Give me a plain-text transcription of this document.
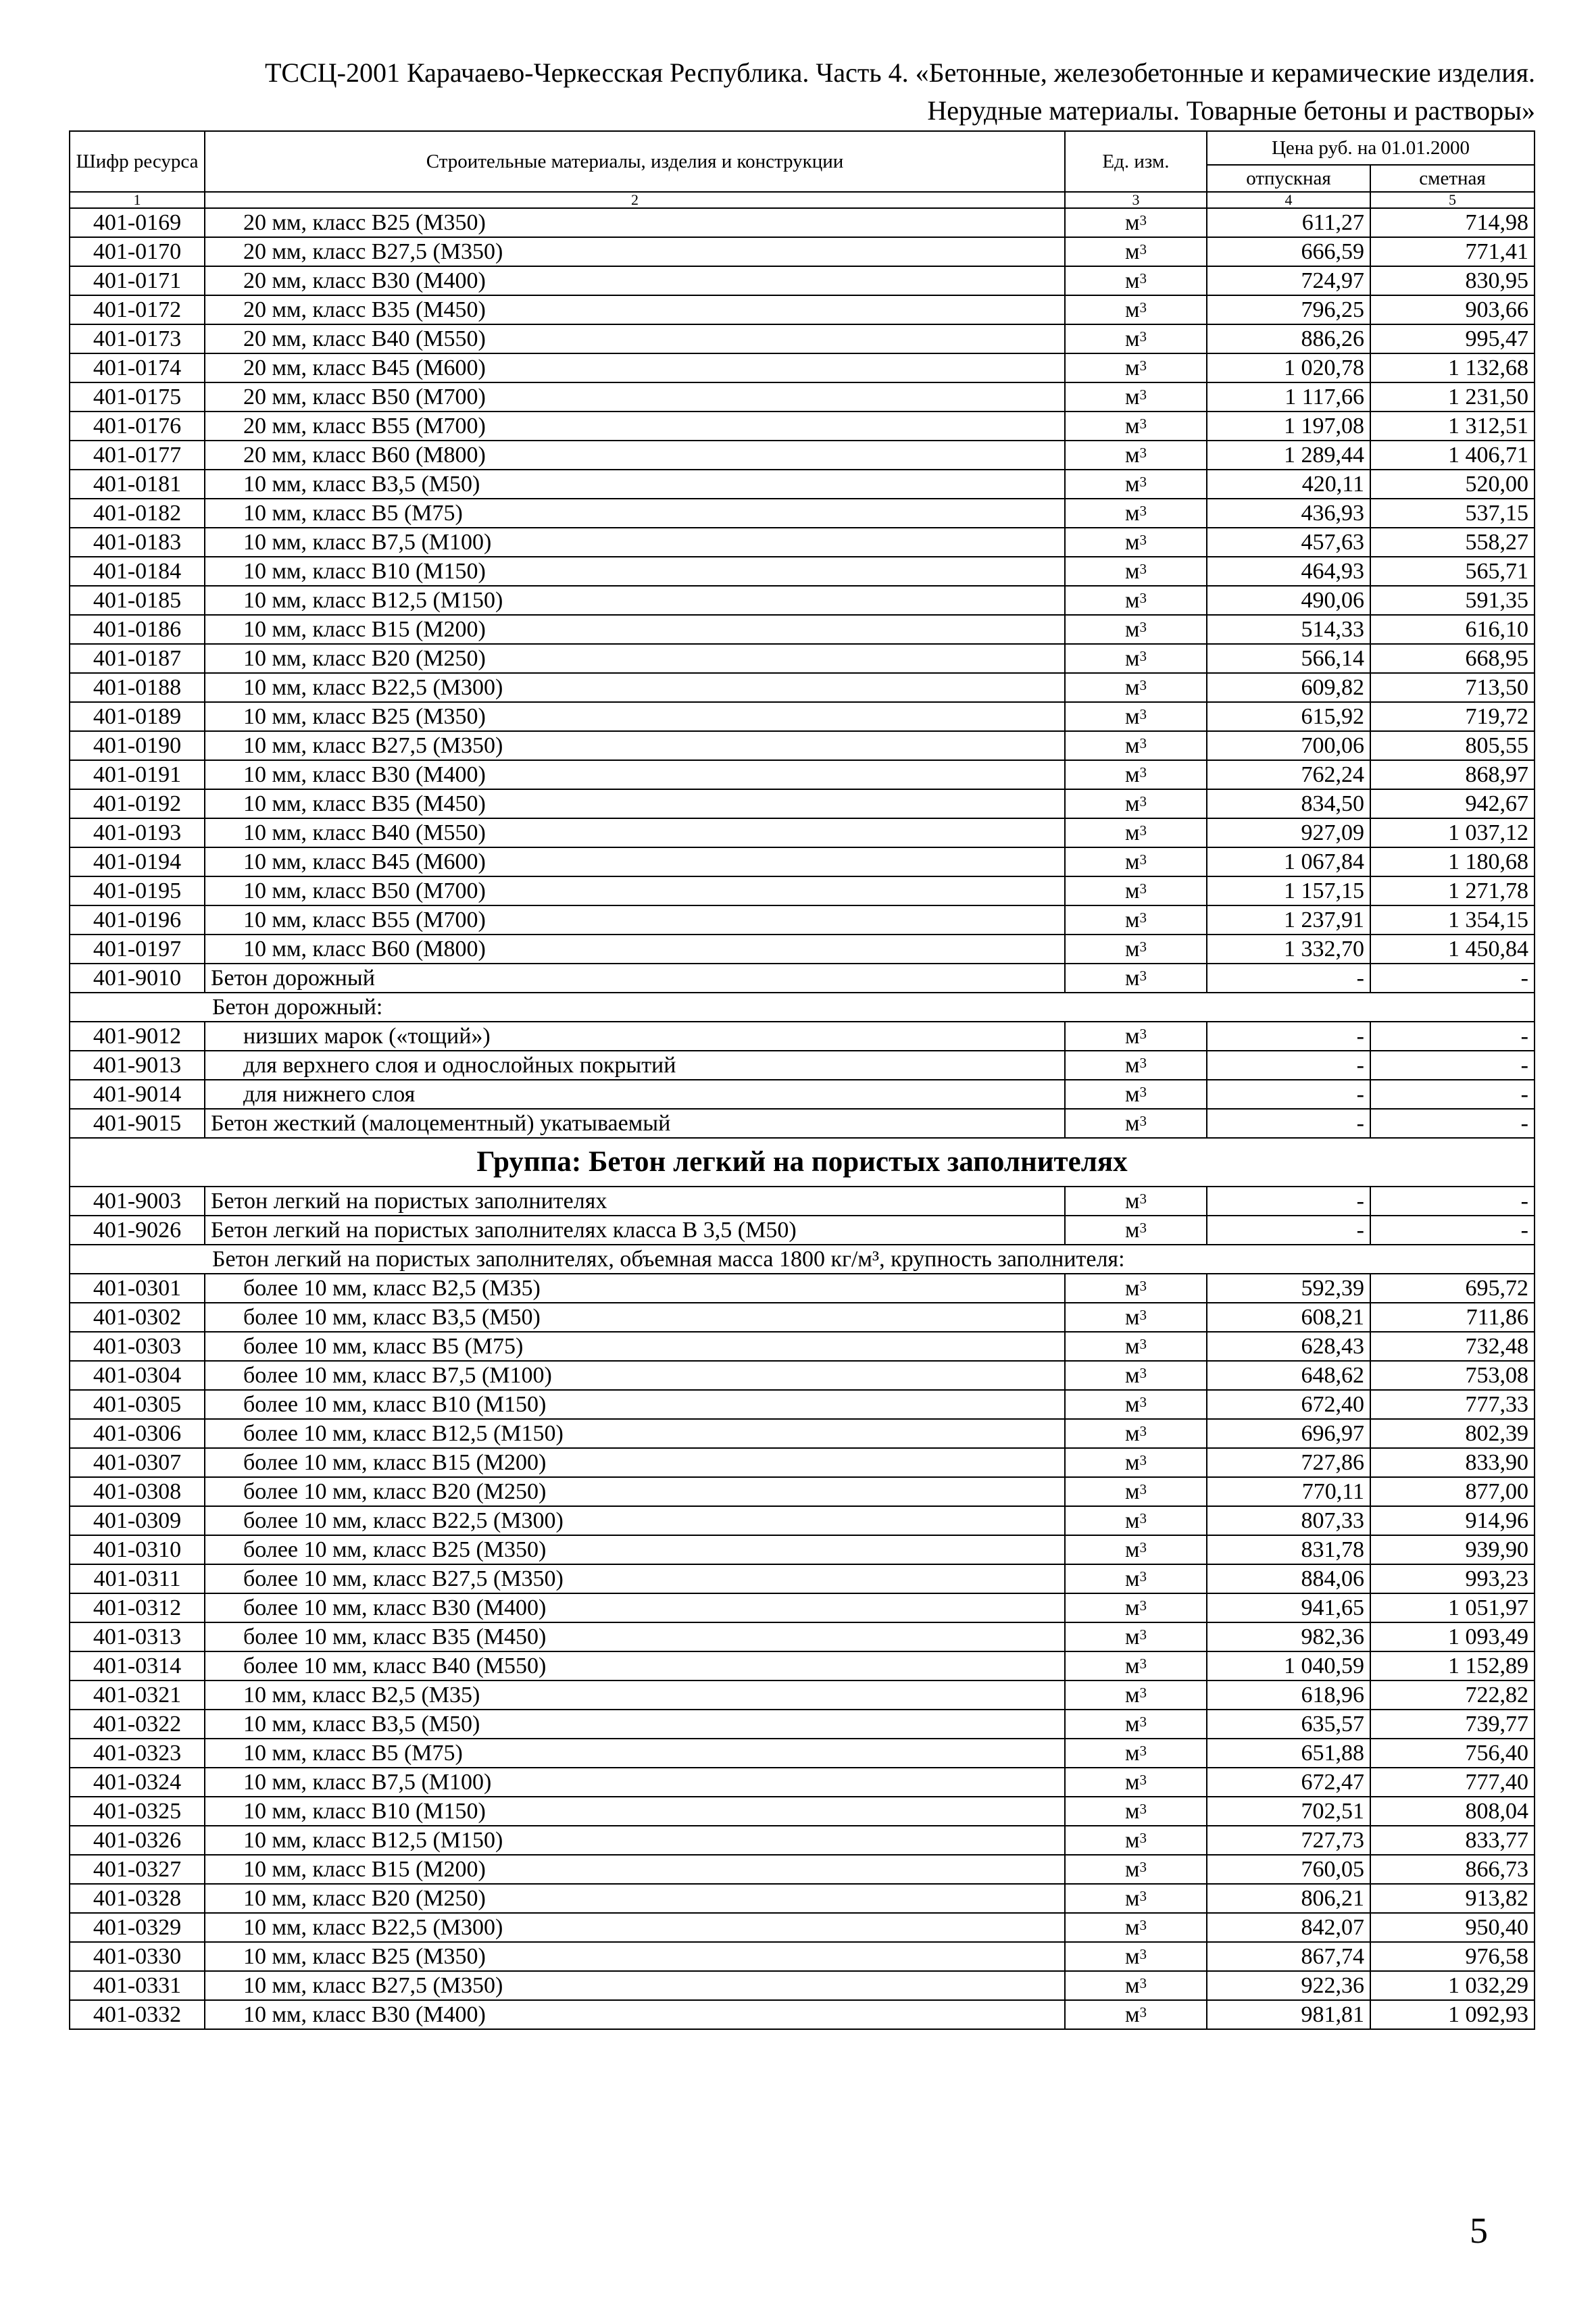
ТССЦ-2001 Карачаево-Черкесская Республика. Часть 4. «Бетонные, железобетонные и керамические изделия.
Нерудные материалы. Товарные бетоны и растворы»
Шифр ресурса	Строительные материалы, изделия и конструкции	Ед. изм.	Цена руб. на 01.01.2000	
			отпускная	сметная
1	2	3	4	5
401-0169	20 мм, класс В25 (М350)	$м^3$	611,27	714,98
401-0170	20 мм, класс В27,5 (М350)	$м^3$	666,59	771,41
401-0171	20 мм, класс В30 (М400)	$м^3$	724,97	830,95
401-0172	20 мм, класс В35 (М450)	$м^3$	796,25	903,66
401-0173	20 мм, класс В40 (М550)	$м^3$	886,26	995,47
401-0174	20 мм, класс В45 (М600)	$м^3$	1 020,78	1 132,68
401-0175	20 мм, класс В50 (М700)	$м^3$	1 117,66	1 231,50
401-0176	20 мм, класс В55 (М700)	$м^3$	1 197,08	1 312,51
401-0177	20 мм, класс В60 (М800)	$м^3$	1 289,44	1 406,71
401-0181	10 мм, класс В3,5 (М50)	$м^3$	420,11	520,00
401-0182	10 мм, класс В5 (М75)	$м^3$	436,93	537,15
401-0183	10 мм, класс В7,5 (М100)	$м^3$	457,63	558,27
401-0184	10 мм, класс В10 (М150)	$м^3$	464,93	565,71
401-0185	10 мм, класс В12,5 (М150)	$м^3$	490,06	591,35
401-0186	10 мм, класс В15 (М200)	$м^3$	514,33	616,10
401-0187	10 мм, класс В20 (М250)	$м^3$	566,14	668,95
401-0188	10 мм, класс В22,5 (М300)	$м^3$	609,82	713,50
401-0189	10 мм, класс В25 (М350)	$м^3$	615,92	719,72
401-0190	10 мм, класс В27,5 (М350)	$м^3$	700,06	805,55
401-0191	10 мм, класс В30 (М400)	$м^3$	762,24	868,97
401-0192	10 мм, класс В35 (М450)	$м^3$	834,50	942,67
401-0193	10 мм, класс В40 (М550)	$м^3$	927,09	1 037,12
401-0194	10 мм, класс В45 (М600)	$м^3$	1 067,84	1 180,68
401-0195	10 мм, класс В50 (М700)	$м^3$	1 157,15	1 271,78
401-0196	10 мм, класс В55 (М700)	$м^3$	1 237,91	1 354,15
401-0197	10 мм, класс В60 (М800)	$м^3$	1 332,70	1 450,84
401-9010	Бетон дорожный	$м^3$	-	-
Бетон дорожный:				
401-9012	низших марок («тощий»)	$м^3$	-	-
401-9013	для верхнего слоя и однослойных покрытий	$м^3$	-	-
401-9014	для нижнего слоя	$м^3$	-	-
401-9015	Бетон жесткий (малоцементный) укатываемый	$м^3$	-	-
Группа: Бетон легкий на пористых заполнителях				
401-9003	Бетон легкий на пористых заполнителях	$м^3$	-	-
401-9026	Бетон легкий на пористых заполнителях класса В 3,5 (М50)	$м^3$	-	-
Бетон легкий на пористых заполнителях, объемная масса 1800 кг/м³, крупность заполнителя:				
401-0301	более 10 мм, класс В2,5 (М35)	$м^3$	592,39	695,72
401-0302	более 10 мм, класс В3,5 (М50)	$м^3$	608,21	711,86
401-0303	более 10 мм, класс В5 (М75)	$м^3$	628,43	732,48
401-0304	более 10 мм, класс В7,5 (М100)	$м^3$	648,62	753,08
401-0305	более 10 мм, класс В10 (М150)	$м^3$	672,40	777,33
401-0306	более 10 мм, класс В12,5 (М150)	$м^3$	696,97	802,39
401-0307	более 10 мм, класс В15 (М200)	$м^3$	727,86	833,90
401-0308	более 10 мм, класс В20 (М250)	$м^3$	770,11	877,00
401-0309	более 10 мм, класс В22,5 (М300)	$м^3$	807,33	914,96
401-0310	более 10 мм, класс В25 (М350)	$м^3$	831,78	939,90
401-0311	более 10 мм, класс В27,5 (М350)	$м^3$	884,06	993,23
401-0312	более 10 мм, класс В30 (М400)	$м^3$	941,65	1 051,97
401-0313	более 10 мм, класс В35 (М450)	$м^3$	982,36	1 093,49
401-0314	более 10 мм, класс В40 (М550)	$м^3$	1 040,59	1 152,89
401-0321	10 мм, класс В2,5 (М35)	$м^3$	618,96	722,82
401-0322	10 мм, класс В3,5 (М50)	$м^3$	635,57	739,77
401-0323	10 мм, класс В5 (М75)	$м^3$	651,88	756,40
401-0324	10 мм, класс В7,5 (М100)	$м^3$	672,47	777,40
401-0325	10 мм, класс В10 (М150)	$м^3$	702,51	808,04
401-0326	10 мм, класс В12,5 (М150)	$м^3$	727,73	833,77
401-0327	10 мм, класс В15 (М200)	$м^3$	760,05	866,73
401-0328	10 мм, класс В20 (М250)	$м^3$	806,21	913,82
401-0329	10 мм, класс В22,5 (М300)	$м^3$	842,07	950,40
401-0330	10 мм, класс В25 (М350)	$м^3$	867,74	976,58
401-0331	10 мм, класс В27,5 (М350)	$м^3$	922,36	1 032,29
401-0332	10 мм, класс В30 (М400)	$м^3$	981,81	1 092,93
5
